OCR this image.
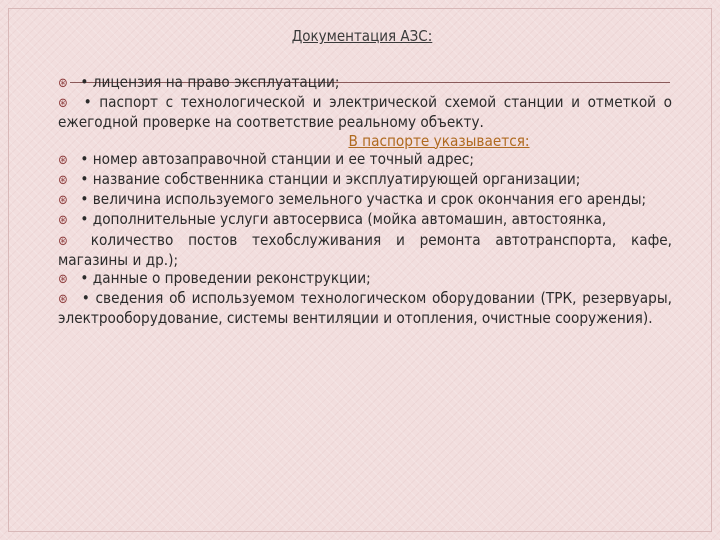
Документация АЗС:

⊛ • лицензия на право эксплуатации;

⊛ • паспорт с технологической и электрической схемой станции и отметкой о ежегодной проверке на соответствие реальному объекту.

В паспорте указывается:

⊛ • номер автозаправочной станции и ее точный адрес;

⊛ • название собственника станции и эксплуатирующей организации;

⊛ • величина используемого земельного участка и срок окончания его аренды;

⊛ • дополнительные услуги автосервиса (мойка автомашин, автостоянка,

⊛ количество постов техобслуживания и ремонта автотранспорта, кафе, магазины и др.);

⊛ • данные о проведении реконструкции;

⊛ • сведения об используемом технологическом оборудовании (ТРК, резервуары, электрооборудование, системы вентиляции и отопления, очистные сооружения).
